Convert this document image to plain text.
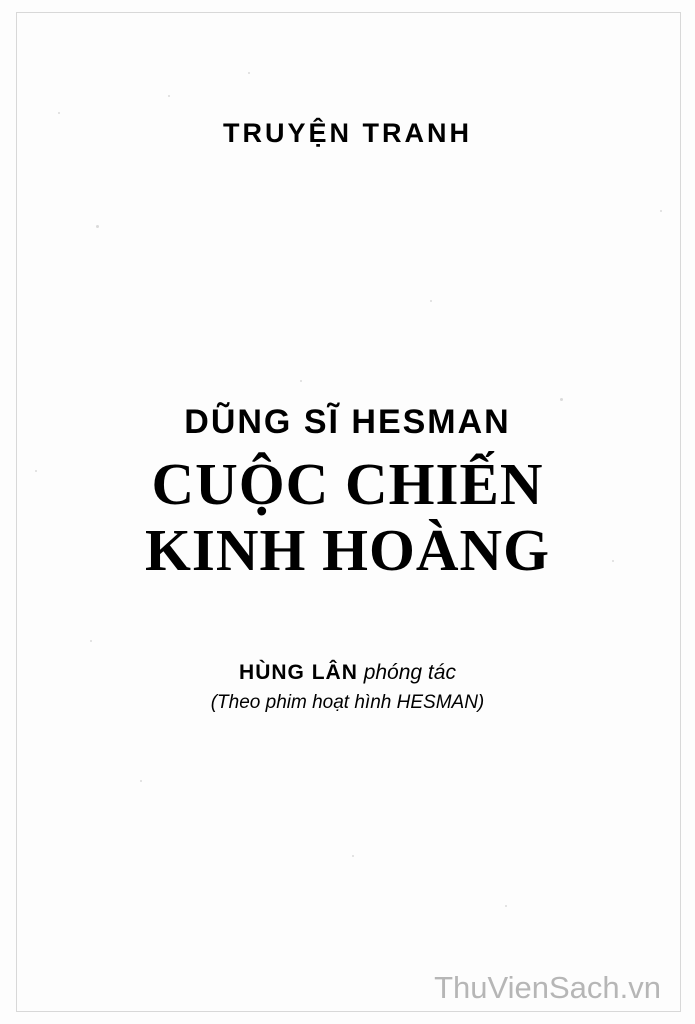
TRUYỆN TRANH
DŨNG SĨ HESMAN
CUỘC CHIẾN
KINH HOÀNG
HÙNG LÂN phóng tác
(Theo phim hoạt hình HESMAN)
ThuVienSach.vn
